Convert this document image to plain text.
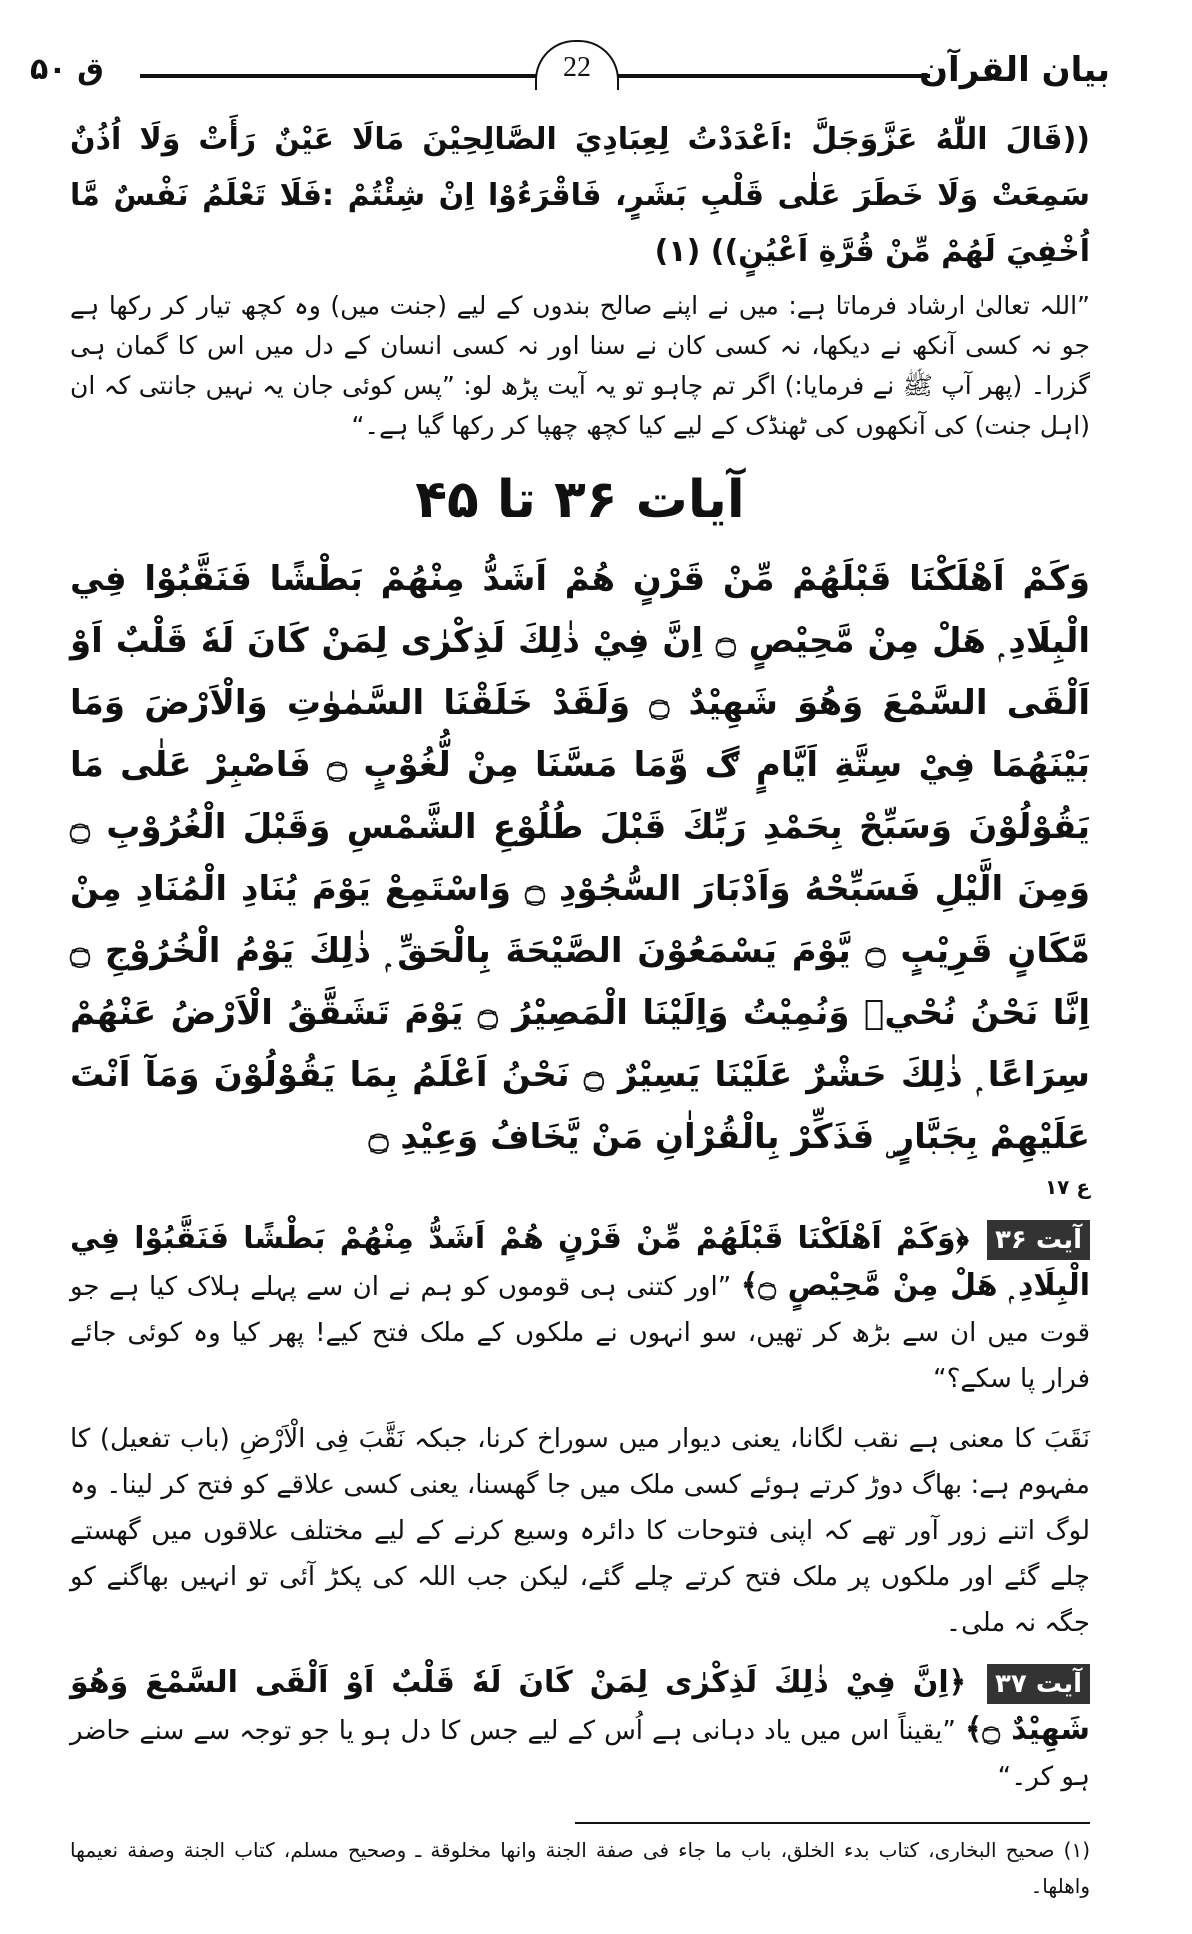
بیان القرآن
22
ق ۵۰
((قَالَ اللّٰهُ عَزَّوَجَلَّ :اَعْدَدْتُ لِعِبَادِيَ الصَّالِحِيْنَ مَالَا عَيْنٌ رَأَتْ وَلَا اُذُنٌ سَمِعَتْ وَلَا خَطَرَ عَلٰى قَلْبِ بَشَرٍ، فَاقْرَءُوْا اِنْ شِئْتُمْ :فَلَا تَعْلَمُ نَفْسٌ مَّا اُخْفِيَ لَهُمْ مِّنْ قُرَّةِ اَعْيُنٍ)) (۱)
”اللہ تعالیٰ ارشاد فرماتا ہے: میں نے اپنے صالح بندوں کے لیے (جنت میں) وہ کچھ تیار کر رکھا ہے جو نہ کسی آنکھ نے دیکھا، نہ کسی کان نے سنا اور نہ کسی انسان کے دل میں اس کا گمان ہی گزرا۔ (پھر آپ ﷺ نے فرمایا:) اگر تم چاہو تو یہ آیت پڑھ لو: ”پس کوئی جان یہ نہیں جانتی کہ ان (اہل جنت) کی آنکھوں کی ٹھنڈک کے لیے کیا کچھ چھپا کر رکھا گیا ہے۔“
آیات ۳۶ تا ۴۵
وَكَمْ اَهْلَكْنَا قَبْلَهُمْ مِّنْ قَرْنٍ هُمْ اَشَدُّ مِنْهُمْ بَطْشًا فَنَقَّبُوْا فِي الْبِلَادِ ۭ هَلْ مِنْ مَّحِيْصٍ ۝ اِنَّ فِيْ ذٰلِكَ لَذِكْرٰى لِمَنْ كَانَ لَهٗ قَلْبٌ اَوْ اَلْقَى السَّمْعَ وَهُوَ شَهِيْدٌ ۝ وَلَقَدْ خَلَقْنَا السَّمٰوٰتِ وَالْاَرْضَ وَمَا بَيْنَهُمَا فِيْ سِتَّةِ اَيَّامٍ ڰ وَّمَا مَسَّنَا مِنْ لُّغُوْبٍ ۝ فَاصْبِرْ عَلٰى مَا يَقُوْلُوْنَ وَسَبِّحْ بِحَمْدِ رَبِّكَ قَبْلَ طُلُوْعِ الشَّمْسِ وَقَبْلَ الْغُرُوْبِ ۝ وَمِنَ الَّيْلِ فَسَبِّحْهُ وَاَدْبَارَ السُّجُوْدِ ۝ وَاسْتَمِعْ يَوْمَ يُنَادِ الْمُنَادِ مِنْ مَّكَانٍ قَرِيْبٍ ۝ يَّوْمَ يَسْمَعُوْنَ الصَّيْحَةَ بِالْحَقِّ ۭ ذٰلِكَ يَوْمُ الْخُرُوْجِ ۝ اِنَّا نَحْنُ نُحْيٖ وَنُمِيْتُ وَاِلَيْنَا الْمَصِيْرُ ۝ يَوْمَ تَشَقَّقُ الْاَرْضُ عَنْهُمْ سِرَاعًا ۭ ذٰلِكَ حَشْرٌ عَلَيْنَا يَسِيْرٌ ۝ نَحْنُ اَعْلَمُ بِمَا يَقُوْلُوْنَ وَمَآ اَنْتَ عَلَيْهِمْ بِجَبَّارٍ ۣ فَذَكِّرْ بِالْقُرْاٰنِ مَنْ يَّخَافُ وَعِيْدِ ۝
ع ۱۷
آیت ۳۶ ﴿وَكَمْ اَهْلَكْنَا قَبْلَهُمْ مِّنْ قَرْنٍ هُمْ اَشَدُّ مِنْهُمْ بَطْشًا فَنَقَّبُوْا فِي الْبِلَادِ ۭ هَلْ مِنْ مَّحِيْصٍ ۝﴾ ”اور کتنی ہی قوموں کو ہم نے ان سے پہلے ہلاک کیا ہے جو قوت میں ان سے بڑھ کر تھیں، سو انہوں نے ملکوں کے ملک فتح کیے! پھر کیا وہ کوئی جائے فرار پا سکے؟“
نَقَبَ کا معنی ہے نقب لگانا، یعنی دیوار میں سوراخ کرنا، جبکہ نَقَّبَ فِی الْاَرْضِ (باب تفعیل) کا مفہوم ہے: بھاگ دوڑ کرتے ہوئے کسی ملک میں جا گھسنا، یعنی کسی علاقے کو فتح کر لینا۔ وہ لوگ اتنے زور آور تھے کہ اپنی فتوحات کا دائرہ وسیع کرنے کے لیے مختلف علاقوں میں گھستے چلے گئے اور ملکوں پر ملک فتح کرتے چلے گئے، لیکن جب اللہ کی پکڑ آئی تو انہیں بھاگنے کو جگہ نہ ملی۔
آیت ۳۷ ﴿اِنَّ فِيْ ذٰلِكَ لَذِكْرٰى لِمَنْ كَانَ لَهٗ قَلْبٌ اَوْ اَلْقَى السَّمْعَ وَهُوَ شَهِيْدٌ ۝﴾ ”یقیناً اس میں یاد دہانی ہے اُس کے لیے جس کا دل ہو یا جو توجہ سے سنے حاضر ہو کر۔“
(۱) صحیح البخاری، کتاب بدء الخلق، باب ما جاء فی صفة الجنة وانھا مخلوقة ـ وصحیح مسلم، کتاب الجنة وصفة نعیمھا واھلھا۔
